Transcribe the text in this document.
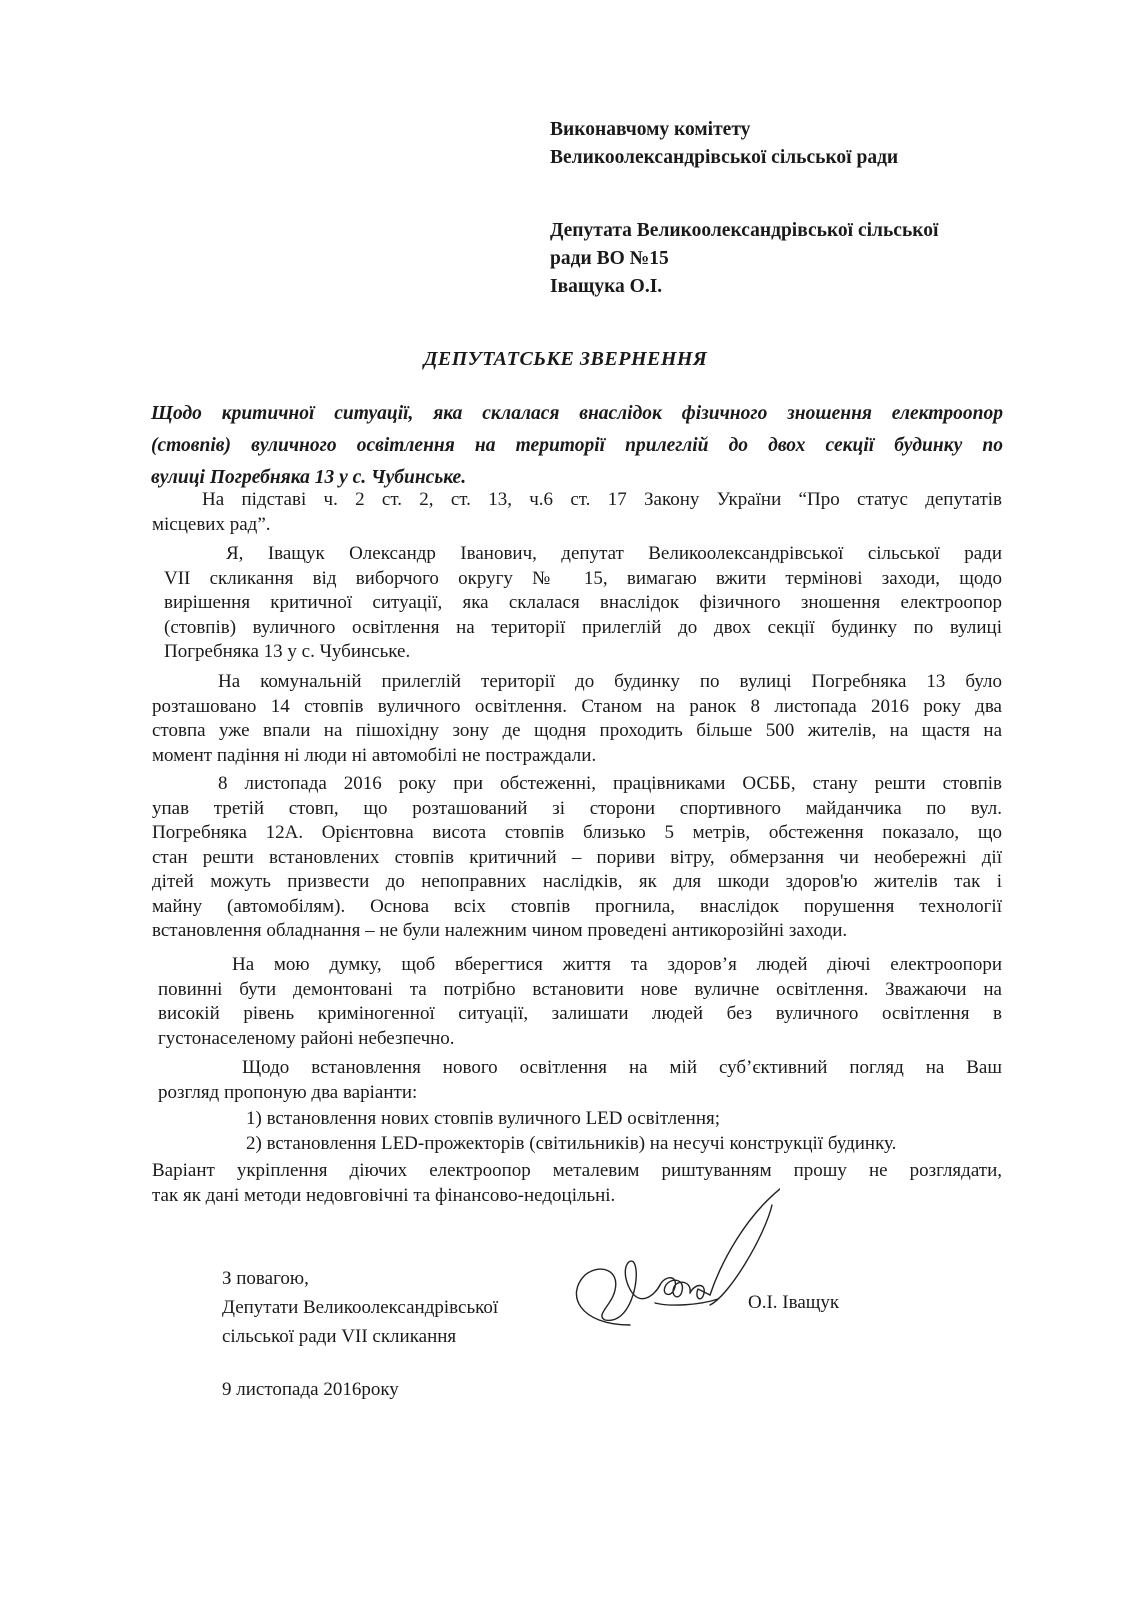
Виконавчому комітету
Великоолександрівської сільської ради
Депутата Великоолександрівської сільської
ради ВО №15
Іващука О.І.
ДЕПУТАТСЬКЕ ЗВЕРНЕННЯ
Щодо критичної ситуації, яка склалася внаслідок фізичного зношення електроопор
(стовпів) вуличного освітлення на території прилеглій до двох секції будинку по
вулиці Погребняка 13 у с. Чубинське.
На підставі ч. 2 ст. 2, ст. 13, ч.6 ст. 17 Закону України “Про статус депутатів
місцевих рад”.
Я, Іващук Олександр Іванович, депутат Великоолександрівської сільської ради
VII скликання від виборчого округу № 15, вимагаю вжити термінові заходи, щодо
вирішення критичної ситуації, яка склалася внаслідок фізичного зношення електроопор
(стовпів) вуличного освітлення на території прилеглій до двох секції будинку по вулиці
Погребняка 13 у с. Чубинське.
На комунальній прилеглій території до будинку по вулиці Погребняка 13 було
розташовано 14 стовпів вуличного освітлення. Станом на ранок 8 листопада 2016 року два
стовпа уже впали на пішохідну зону де щодня проходить більше 500 жителів, на щастя на
момент падіння ні люди ні автомобілі не постраждали.
8 листопада 2016 року при обстеженні, працівниками ОСББ, стану решти стовпів
упав третій стовп, що розташований зі сторони спортивного майданчика по вул.
Погребняка 12А. Орієнтовна висота стовпів близько 5 метрів, обстеження показало, що
стан решти встановлених стовпів критичний – пориви вітру, обмерзання чи необережні дії
дітей можуть призвести до непоправних наслідків, як для шкоди здоров'ю жителів так і
майну (автомобілям). Основа всіх стовпів прогнила, внаслідок порушення технології
встановлення обладнання – не були належним чином проведені антикорозійні заходи.
На мою думку, щоб вберегтися життя та здоров’я людей діючі електроопори
повинні бути демонтовані та потрібно встановити нове вуличне освітлення. Зважаючи на
високій рівень криміногенної ситуації, залишати людей без вуличного освітлення в
густонаселеному районі небезпечно.
Щодо встановлення нового освітлення на мій суб’єктивний погляд на Ваш
розгляд пропоную два варіанти:
1) встановлення нових стовпів вуличного LED освітлення;
2) встановлення LED-прожекторів (світильників) на несучі конструкції будинку.
Варіант укріплення діючих електроопор металевим риштуванням прошу не розглядати,
так як дані методи недовговічні та фінансово-недоцільні.
З повагою,
Депутати Великоолександрівської
сільської ради VII скликання
О.І. Іващук
9 листопада 2016року
